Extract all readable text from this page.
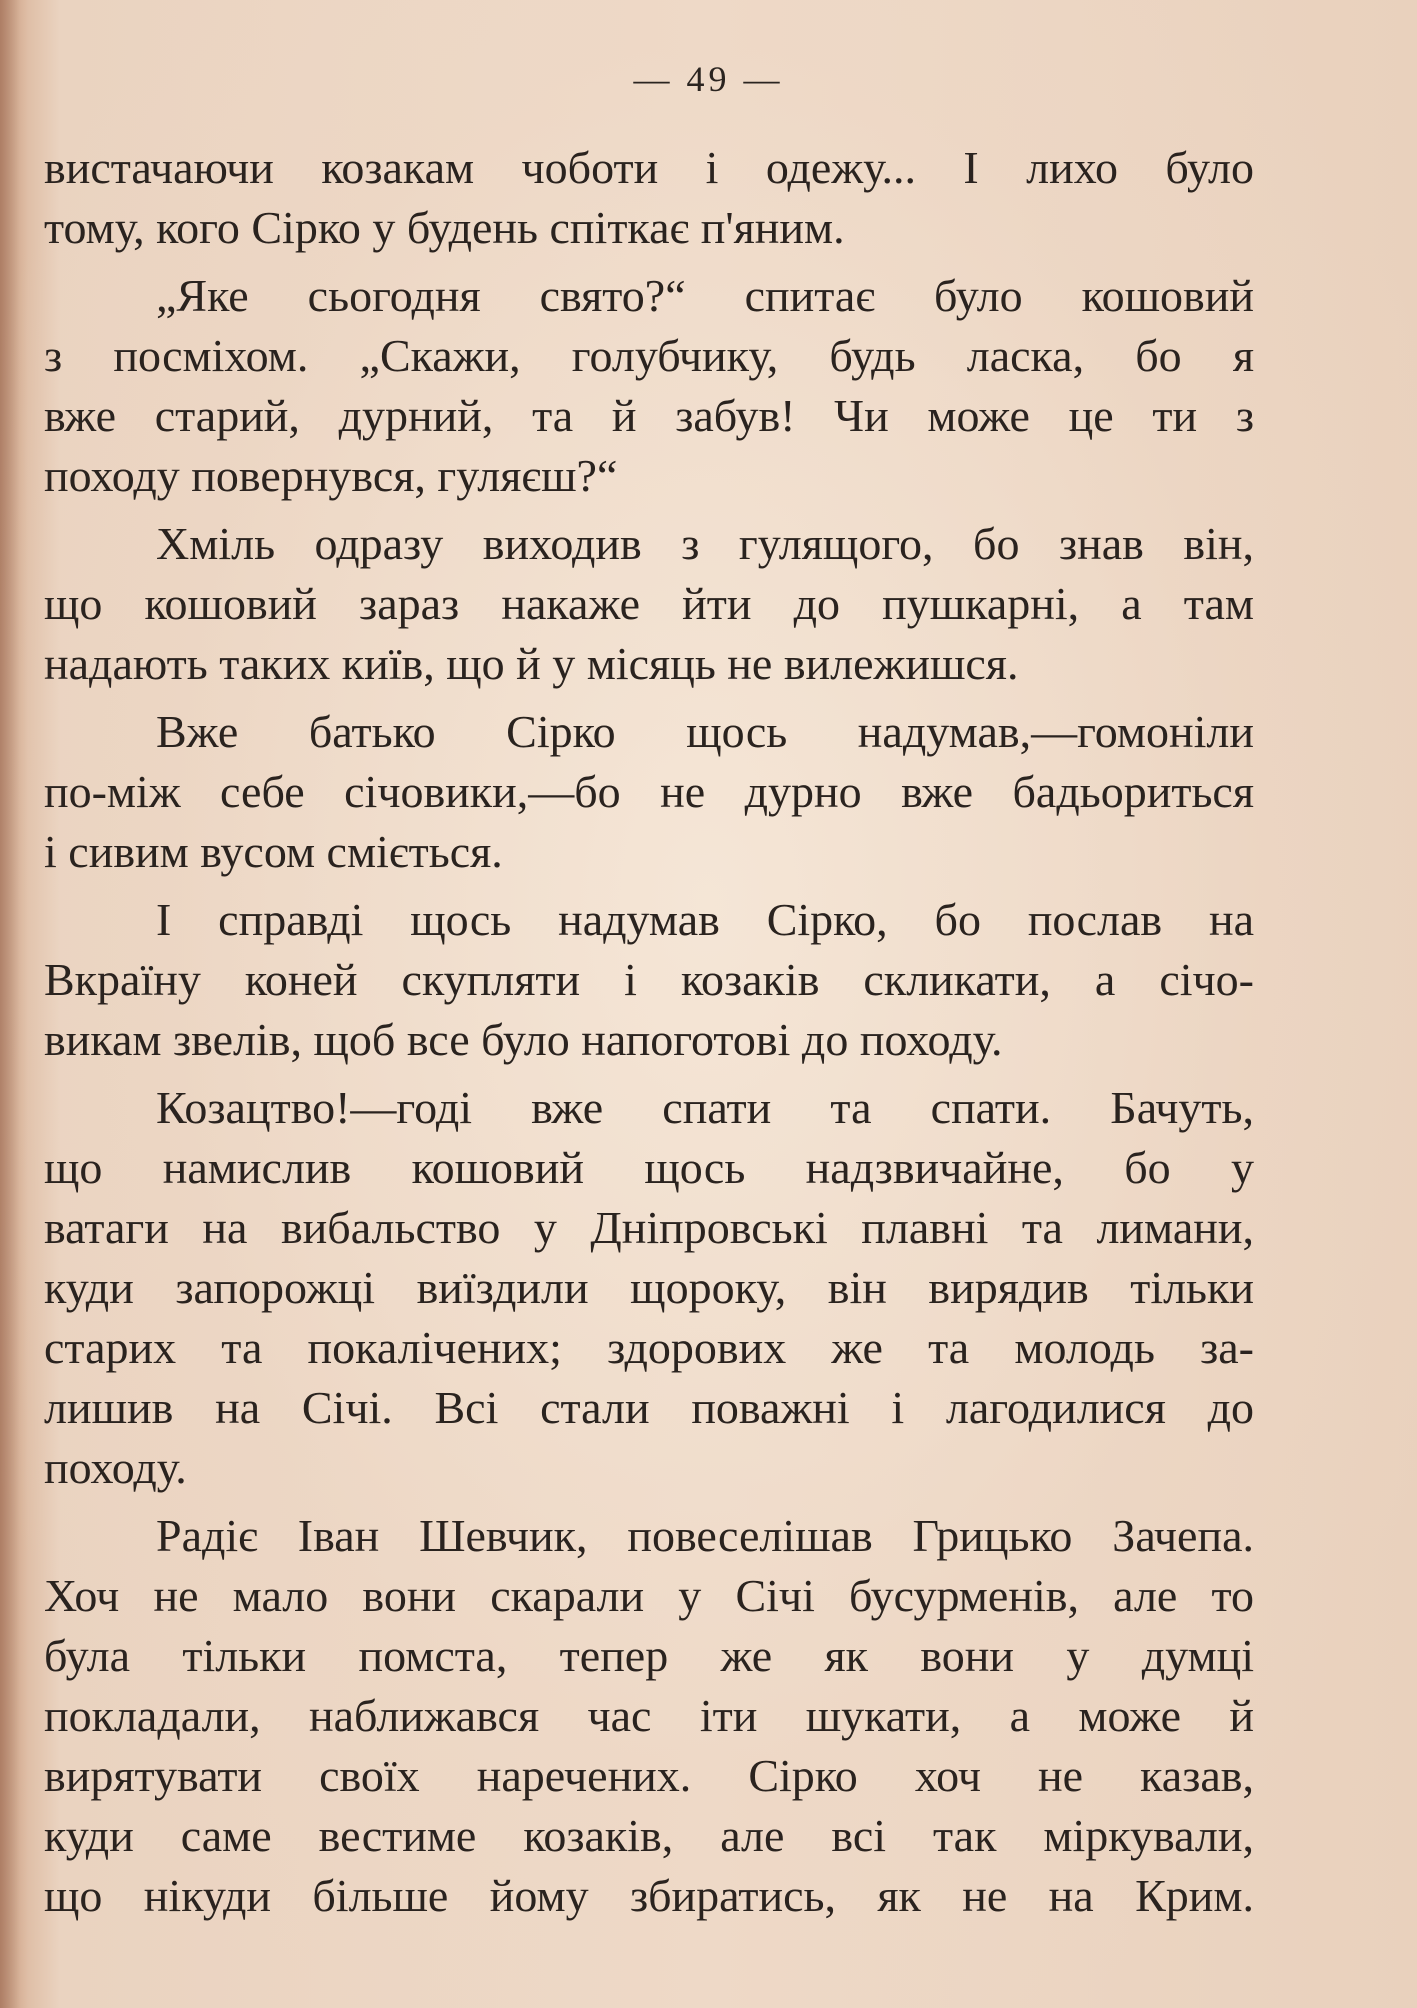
— 49 —

вистачаючи козакам чоботи і одежу... І лихо було
тому, кого Сірко у будень спіткає п'яним.

„Яке сьогодня свято?“ спитає було кошовий
з посміхом. „Скажи, голубчику, будь ласка, бо я
вже старий, дурний, та й забув! Чи може це ти з
походу повернувся, гуляєш?“

Хміль одразу виходив з гулящого, бо знав він,
що кошовий зараз накаже йти до пушкарні, а там
надають таких київ, що й у місяць не вилежишся.

Вже батько Сірко щось надумав,—гомоніли
по-між себе січовики,—бо не дурно вже бадьориться
і сивим вусом сміється.

І справді щось надумав Сірко, бо послав на
Вкраїну коней скупляти і козаків скликати, а січо-
викам звелів, щоб все було напоготові до походу.

Козацтво!—годі вже спати та спати. Бачуть,
що намислив кошовий щось надзвичайне, бо у
ватаги на вибальство у Дніпровські плавні та лимани,
куди запорожці виїздили щороку, він вирядив тільки
старих та покалічених; здорових же та молодь за-
лишив на Січі. Всі стали поважні і лагодилися до
походу.

Радіє Іван Шевчик, повеселішав Грицько Зачепа.
Хоч не мало вони скарали у Січі бусурменів, але то
була тільки помста, тепер же як вони у думці
покладали, наближався час іти шукати, а може й
вирятувати своїх наречених. Сірко хоч не казав,
куди саме вестиме козаків, але всі так міркували,
що нікуди більше йому збиратись, як не на Крим.
